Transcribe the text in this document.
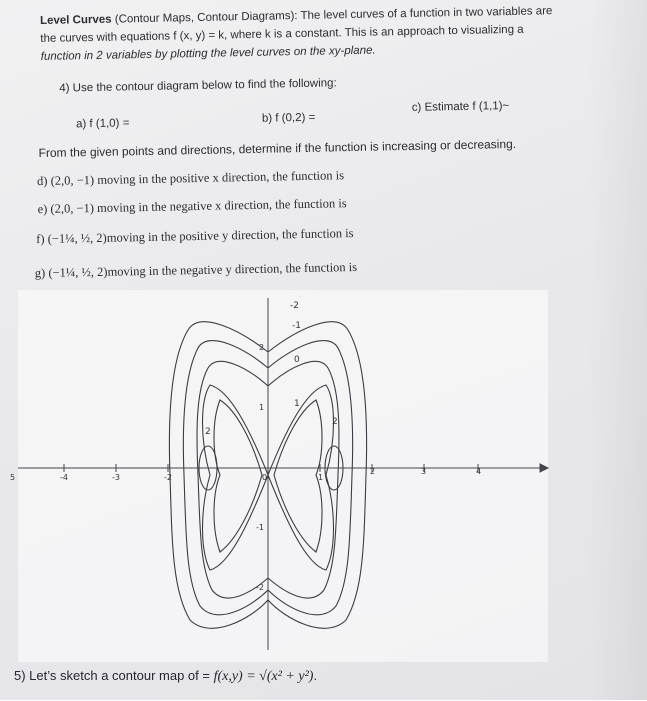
Level Curves (Contour Maps, Contour Diagrams): The level curves of a function in two variables are
the curves with equations f (x, y) = k, where k is a constant. This is an approach to visualizing a
function in 2 variables by plotting the level curves on the xy-plane.
4) Use the contour diagram below to find the following:
a) f (1,0) =	b) f (0,2) =
c) Estimate f (1,1)~
From the given points and directions, determine if the function is increasing or decreasing.
d) (2,0, −1) moving in the positive x direction, the function is
e) (2,0, −1) moving in the negative x direction, the function is
f) (−1¼, ½, 2)moving in the positive y direction, the function is
g) (−1¼, ½, 2)moving in the negative y direction, the function is
5	-4	-3	-2	0	1
2	3	4
2
1
-1
-2
-2
-1
0
1
2
2
5) Let’s sketch a contour map of = f(x,y) = √(x² + y²).
